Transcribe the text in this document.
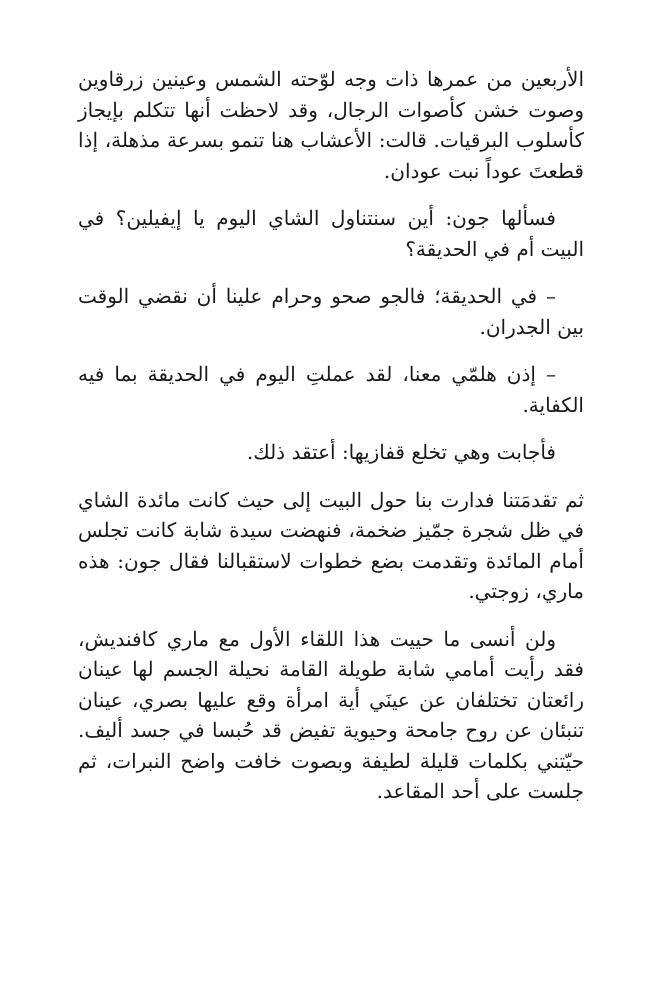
الأربعين من عمرها ذات وجه لوّحته الشمس وعينين زرقاوين وصوت خشن كأصوات الرجال، وقد لاحظت أنها تتكلم بإيجاز كأسلوب البرقيات. قالت: الأعشاب هنا تنمو بسرعة مذهلة، إذا قطعتَ عوداً نبت عودان.

فسألها جون: أين سنتناول الشاي اليوم يا إيفيلين؟ في البيت أم في الحديقة؟

– في الحديقة؛ فالجو صحو وحرام علينا أن نقضي الوقت بين الجدران.

– إذن هلمّي معنا، لقد عملتِ اليوم في الحديقة بما فيه الكفاية.

فأجابت وهي تخلع قفازيها: أعتقد ذلك.

ثم تقدمَتنا فدارت بنا حول البيت إلى حيث كانت مائدة الشاي في ظل شجرة جمّيز ضخمة، فنهضت سيدة شابة كانت تجلس أمام المائدة وتقدمت بضع خطوات لاستقبالنا فقال جون: هذه ماري، زوجتي.

ولن أنسى ما حييت هذا اللقاء الأول مع ماري كافنديش، فقد رأيت أمامي شابة طويلة القامة نحيلة الجسم لها عينان رائعتان تختلفان عن عينَي أية امرأة وقع عليها بصري، عينان تنبئان عن روح جامحة وحيوية تفيض قد حُبسا في جسد أليف. حيّتني بكلمات قليلة لطيفة وبصوت خافت واضح النبرات، ثم جلست على أحد المقاعد.
